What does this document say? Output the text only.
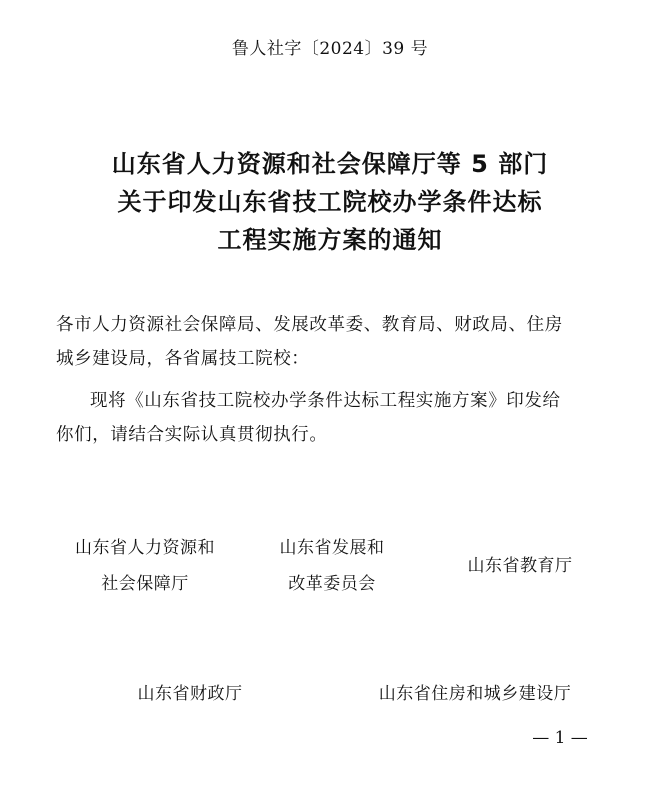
鲁人社字〔2024〕39 号
山东省人力资源和社会保障厅等 5 部门
关于印发山东省技工院校办学条件达标
工程实施方案的通知
各市人力资源社会保障局、发展改革委、教育局、财政局、住房
城乡建设局，各省属技工院校：
现将《山东省技工院校办学条件达标工程实施方案》印发给
你们，请结合实际认真贯彻执行。
山东省人力资源和
社会保障厅
山东省发展和
改革委员会
山东省教育厅
山东省财政厅	山东省住房和城乡建设厅
— 1 —
